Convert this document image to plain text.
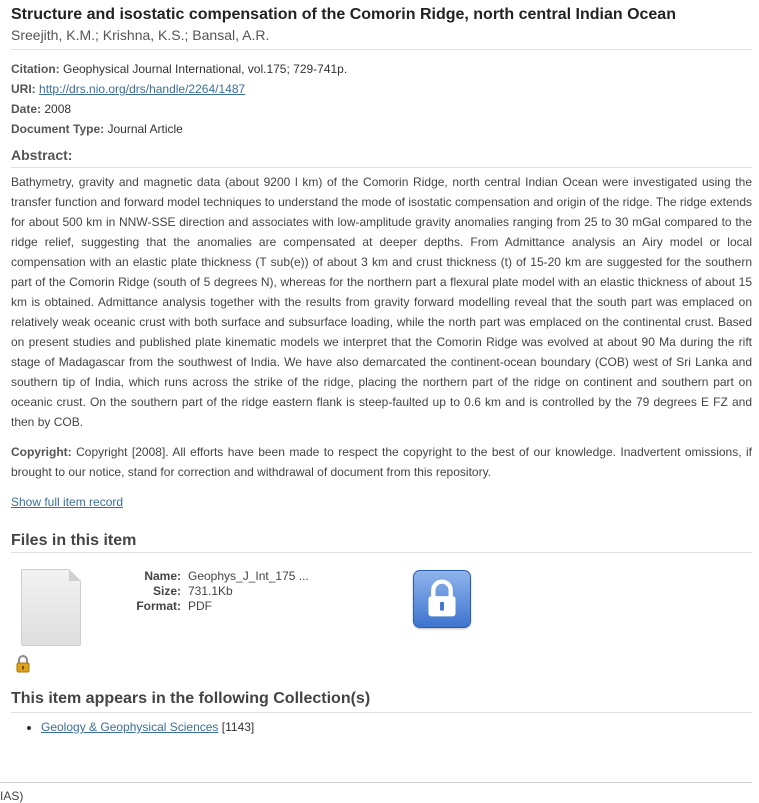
Structure and isostatic compensation of the Comorin Ridge, north central Indian Ocean
Sreejith, K.M.; Krishna, K.S.; Bansal, A.R.
Citation: Geophysical Journal International, vol.175; 729-741p.
URI: http://drs.nio.org/drs/handle/2264/1487
Date: 2008
Document Type: Journal Article
Abstract:
Bathymetry, gravity and magnetic data (about 9200 l km) of the Comorin Ridge, north central Indian Ocean were investigated using the transfer function and forward model techniques to understand the mode of isostatic compensation and origin of the ridge. The ridge extends for about 500 km in NNW-SSE direction and associates with low-amplitude gravity anomalies ranging from 25 to 30 mGal compared to the ridge relief, suggesting that the anomalies are compensated at deeper depths. From Admittance analysis an Airy model or local compensation with an elastic plate thickness (T sub(e)) of about 3 km and crust thickness (t) of 15-20 km are suggested for the southern part of the Comorin Ridge (south of 5 degrees N), whereas for the northern part a flexural plate model with an elastic thickness of about 15 km is obtained. Admittance analysis together with the results from gravity forward modelling reveal that the south part was emplaced on relatively weak oceanic crust with both surface and subsurface loading, while the north part was emplaced on the continental crust. Based on present studies and published plate kinematic models we interpret that the Comorin Ridge was evolved at about 90 Ma during the rift stage of Madagascar from the southwest of India. We have also demarcated the continent-ocean boundary (COB) west of Sri Lanka and southern tip of India, which runs across the strike of the ridge, placing the northern part of the ridge on continent and southern part on oceanic crust. On the southern part of the ridge eastern flank is steep-faulted up to 0.6 km and is controlled by the 79 degrees E FZ and then by COB.
Copyright: Copyright [2008]. All efforts have been made to respect the copyright to the best of our knowledge. Inadvertent omissions, if brought to our notice, stand for correction and withdrawal of document from this repository.
Show full item record
Files in this item
Name: Geophys_J_Int_175 ...
Size: 731.1Kb
Format: PDF
This item appears in the following Collection(s)
• Geology & Geophysical Sciences [1143]
IAS)
